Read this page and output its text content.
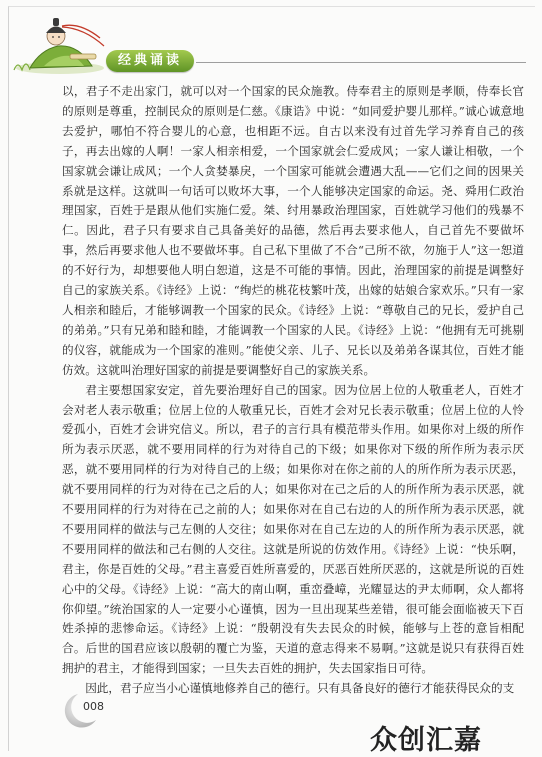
经典诵读

以，君子不走出家门，就可以对一个国家的民众施教。侍奉君主的原则是孝顺，侍奉长官的原则是尊重，控制民众的原则是仁慈。《康诰》中说：“如同爱护婴儿那样。”诚心诚意地去爱护，哪怕不符合婴儿的心意，也相距不远。自古以来没有过首先学习养育自己的孩子，再去出嫁的人啊！一家人相亲相爱，一个国家就会仁爱成风；一家人谦让相敬，一个国家就会谦让成风；一个人贪婪暴戾，一个国家可能就会遭遇大乱——它们之间的因果关系就是这样。这就叫一句话可以败坏大事，一个人能够决定国家的命运。尧、舜用仁政治理国家，百姓于是跟从他们实施仁爱。桀、纣用暴政治理国家，百姓就学习他们的残暴不仁。因此，君子只有要求自己具备美好的品德，然后再去要求他人，自己首先不要做坏事，然后再要求他人也不要做坏事。自己私下里做了不合“己所不欲，勿施于人”这一恕道的不好行为，却想要他人明白恕道，这是不可能的事情。因此，治理国家的前提是调整好自己的家族关系。《诗经》上说：“绚烂的桃花枝繁叶茂，出嫁的姑娘合家欢乐。”只有一家人相亲和睦后，才能够调教一个国家的民众。《诗经》上说：“尊敬自己的兄长，爱护自己的弟弟。”只有兄弟和睦和睦，才能调教一个国家的人民。《诗经》上说：“他拥有无可挑剔的仪容，就能成为一个国家的准则。”能使父亲、儿子、兄长以及弟弟各谋其位，百姓才能仿效。这就叫治理好国家的前提是要调整好自己的家族关系。

君主要想国家安定，首先要治理好自己的国家。因为位居上位的人敬重老人，百姓才会对老人表示敬重；位居上位的人敬重兄长，百姓才会对兄长表示敬重；位居上位的人怜爱孤小，百姓才会讲究信义。所以，君子的言行具有模范带头作用。如果你对上级的所作所为表示厌恶，就不要用同样的行为对待自己的下级；如果你对下级的所作所为表示厌恶，就不要用同样的行为对待自己的上级；如果你对在你之前的人的所作所为表示厌恶，就不要用同样的行为对待在己之后的人；如果你对在己之后的人的所作所为表示厌恶，就不要用同样的行为对待在己之前的人；如果你对在自己右边的人的所作所为表示厌恶，就不要用同样的做法与己左侧的人交往；如果你对在自己左边的人的所作所为表示厌恶，就不要用同样的做法和己右侧的人交往。这就是所说的仿效作用。《诗经》上说：“快乐啊，君主，你是百姓的父母。”君主喜爱百姓所喜爱的，厌恶百姓所厌恶的，这就是所说的百姓心中的父母。《诗经》上说：“高大的南山啊，重峦叠嶂，光耀显达的尹太师啊，众人都将你仰望。”统治国家的人一定要小心谨慎，因为一旦出现某些差错，很可能会面临被天下百姓杀掉的悲惨命运。《诗经》上说：“殷朝没有失去民众的时候，能够与上苍的意旨相配合。后世的国君应该以殷朝的覆亡为鉴，天道的意志得来不易啊。”这就是说只有获得百姓拥护的君主，才能得到国家；一旦失去百姓的拥护，失去国家指日可待。

因此，君子应当小心谨慎地修养自己的德行。只有具备良好的德行才能获得民众的支

008
众创汇嘉
